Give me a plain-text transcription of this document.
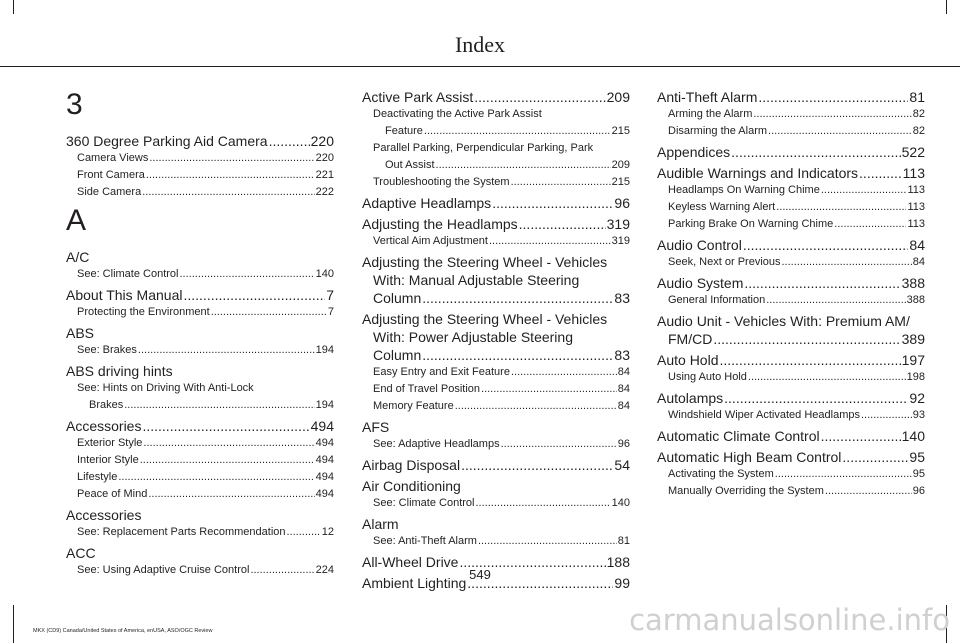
Index
3
360 Degree Parking Aid Camera .....	220
Camera Views .....	220
Front Camera .....	221
Side Camera .....	222
A
A/C
See: Climate Control .....	140
About This Manual .....	7
Protecting the Environment .....	7
ABS
See: Brakes .....	194
ABS driving hints
See: Hints on Driving With Anti-Lock
Brakes .....	194
Accessories .....	494
Exterior Style .....	494
Interior Style .....	494
Lifestyle .....	494
Peace of Mind .....	494
Accessories
See: Replacement Parts Recommendation .....	12
ACC
See: Using Adaptive Cruise Control .....	224
Active Park Assist .....	209
Deactivating the Active Park Assist
Feature .....	215
Parallel Parking, Perpendicular Parking, Park
Out Assist .....	209
Troubleshooting the System .....	215
Adaptive Headlamps .....	96
Adjusting the Headlamps .....	319
Vertical Aim Adjustment .....	319
Adjusting the Steering Wheel - Vehicles
With: Manual Adjustable Steering
Column .....	83
Adjusting the Steering Wheel - Vehicles
With: Power Adjustable Steering
Column .....	83
Easy Entry and Exit Feature .....	84
End of Travel Position .....	84
Memory Feature .....	84
AFS
See: Adaptive Headlamps .....	96
Airbag Disposal .....	54
Air Conditioning
See: Climate Control .....	140
Alarm
See: Anti-Theft Alarm .....	81
All-Wheel Drive .....	188
Ambient Lighting .....	99
Anti-Theft Alarm .....	81
Arming the Alarm .....	82
Disarming the Alarm .....	82
Appendices .....	522
Audible Warnings and Indicators .....	113
Headlamps On Warning Chime .....	113
Keyless Warning Alert .....	113
Parking Brake On Warning Chime .....	113
Audio Control .....	84
Seek, Next or Previous .....	84
Audio System .....	388
General Information .....	388
Audio Unit - Vehicles With: Premium AM/
FM/CD .....	389
Auto Hold .....	197
Using Auto Hold .....	198
Autolamps .....	92
Windshield Wiper Activated Headlamps .....	93
Automatic Climate Control .....	140
Automatic High Beam Control .....	95
Activating the System .....	95
Manually Overriding the System .....	96
549
MKX (CD9) Canada/United States of America, enUSA, ASO/OGC Review	carmanualsonline.info
